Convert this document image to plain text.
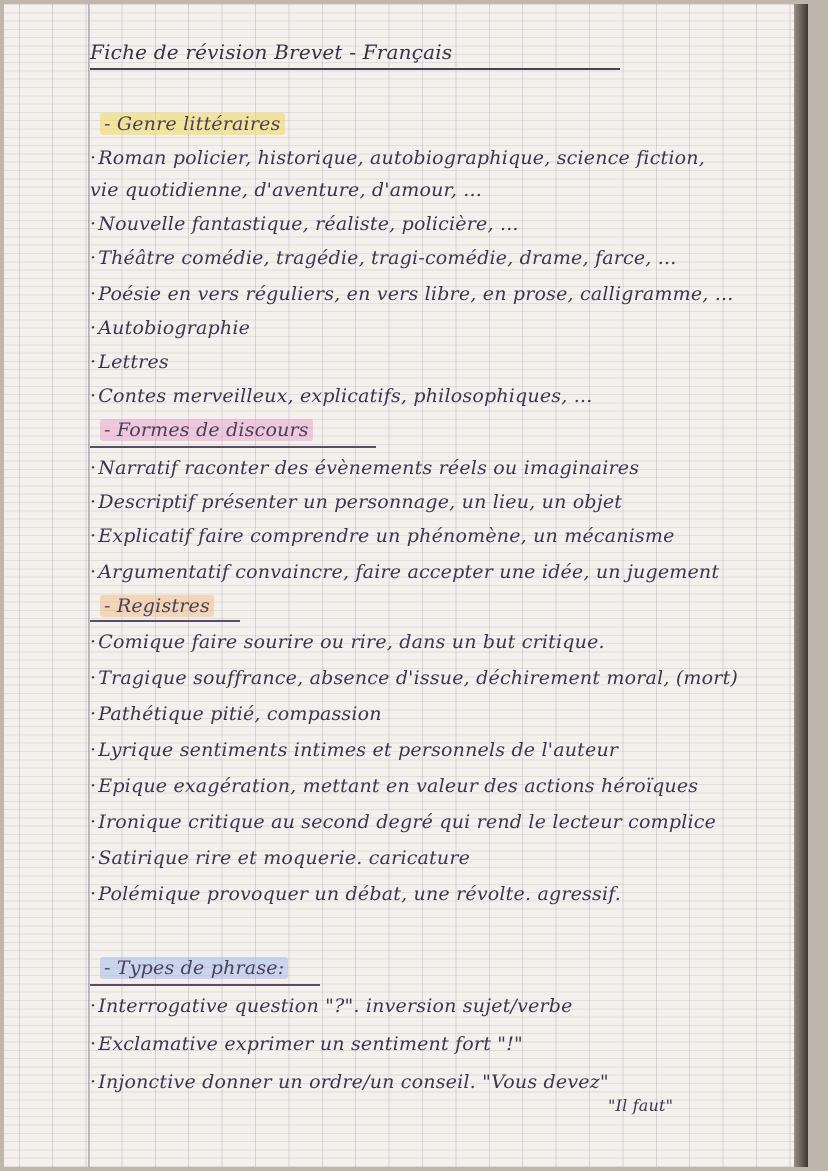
Fiche de révision Brevet - Français
- Genre littéraires
· Roman policier, historique, autobiographique, science fiction,
vie quotidienne, d'aventure, d'amour, ...
· Nouvelle fantastique, réaliste, policière, ...
· Théâtre comédie, tragédie, tragi-comédie, drame, farce, ...
· Poésie en vers réguliers, en vers libre, en prose, calligramme, ...
· Autobiographie
· Lettres
· Contes merveilleux, explicatifs, philosophiques, ...
- Formes de discours
· Narratif raconter des évènements réels ou imaginaires
· Descriptif présenter un personnage, un lieu, un objet
· Explicatif faire comprendre un phénomène, un mécanisme
· Argumentatif convaincre, faire accepter une idée, un jugement
- Registres
· Comique faire sourire ou rire, dans un but critique.
· Tragique souffrance, absence d'issue, déchirement moral, (mort)
· Pathétique pitié, compassion
· Lyrique sentiments intimes et personnels de l'auteur
· Epique exagération, mettant en valeur des actions héroïques
· Ironique critique au second degré qui rend le lecteur complice
· Satirique rire et moquerie. caricature
· Polémique provoquer un débat, une révolte. agressif.
- Types de phrase:
· Interrogative question "?". inversion sujet/verbe
· Exclamative exprimer un sentiment fort "!"
· Injonctive donner un ordre/un conseil. "Vous devez"
"Il faut"
